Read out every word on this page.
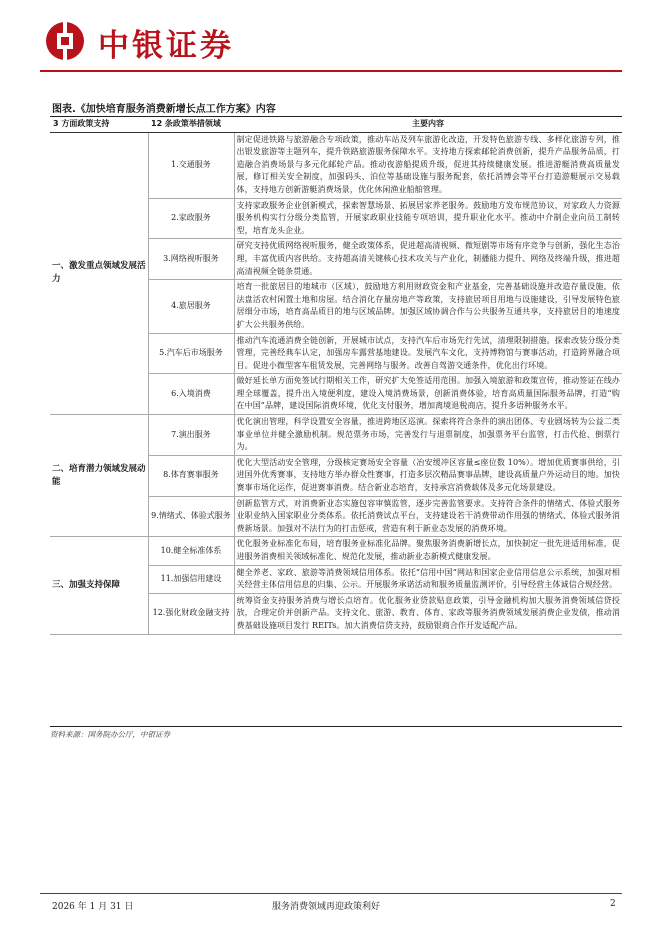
中银证券
图表.《加快培育服务消费新增长点工作方案》内容
3 方面政策支持	12 条政策举措领域	主要内容
一、激发重点领域发展活力	1.交通服务	制定促进铁路与旅游融合专项政策，推动车站及列车旅游化改造，开发特色旅游专线、多样化旅游专列，推出银发旅游等主题列车，提升铁路旅游服务保障水平。支持地方探索邮轮消费创新，提升产品服务品质，打造融合消费场景与多元化邮轮产品。推动夜游船提质升级，促进其持续健康发展。推进游艇消费高质量发展，修订相关安全制度，加强码头、泊位等基础设施与服务配套，依托消博会等平台打造游艇展示交易载体，支持地方创新游艇消费场景，优化休闲渔业船舶管理。
	2.家政服务	支持家政服务企业创新模式，探索智慧场景、拓展居家养老服务。鼓励地方发布规范协议，对家政人力资源服务机构实行分级分类监管，开展家政职业技能专项培训，提升职业化水平。推动中介制企业向员工制转型，培育龙头企业。
	3.网络视听服务	研究支持优质网络视听服务，健全政策体系，促进超高清视频、微短剧等市场有序竞争与创新，强化生态治理，丰富优质内容供给。支持超高清关键核心技术攻关与产业化，制播能力提升、网络及终端升级，推进超高清视频全链条贯通。
	4.旅居服务	培育一批旅居目的地城市（区域），鼓励地方利用财政资金和产业基金，完善基础设施并改造存量设施，依法盘活农村闲置土地和房屋。结合消化存量房地产等政策，支持旅居项目用地与设施建设，引导发展特色旅居细分市场，培育高品质目的地与区域品牌。加强区域协调合作与公共服务互通共享，支持旅居目的地速度扩大公共服务供给。
	5.汽车后市场服务	推动汽车流通消费全链创新，开展城市试点，支持汽车后市场先行先试，清理限制措施。探索改装分级分类管理，完善经典车认定，加强房车露营基地建设。发展汽车文化，支持博物馆与赛事活动，打造跨界融合项目。促进小微型客车租赁发展，完善网络与服务。改善自驾游交通条件，优化出行环境。
	6.入境消费	做好延长单方面免签试行期相关工作，研究扩大免签适用范围。加强入境旅游和政策宣传，推动签证在线办理全球覆盖，提升出入境便利度，建设入境消费场景，创新消费体验，培育高质量国际服务品牌，打造“购在中国”品牌，建设国际消费环境，优化支付服务，增加离境退税商店，提升多语种服务水平。
二、培育潜力领域发展动能	7.演出服务	优化演出管理，科学设置安全容量，推进跨地区巡演。探索将符合条件的演出团体、专业剧场转为公益二类事业单位并健全激励机制。规范票务市场，完善发行与退票制度，加强票务平台监管，打击代抢、倒票行为。
	8.体育赛事服务	优化大型活动安全管理，分级核定赛场安全容量（冶安缓冲区容量≤座位数 10%）。增加优质赛事供给，引进国外优秀赛事，支持地方举办群众性赛事，打造多层次精品赛事品牌，建设高质量户外运动目的地。加快赛事市场化运作，促进赛事消费。结合新业态培育，支持承宫消费载体及多元化场景建设。
	9.情绪式、体验式服务	创新监管方式，对消费新业态实施包容审慎监管，逐步完善监管要求。支持符合条件的情绪式、体验式服务业职业纳入国家职业分类体系。依托消费试点平台，支持建设若干消费带动作用强的情绪式、体验式服务消费新场景。加强对不法行为的打击惩戒，营造有利于新业态发展的消费环境。
三、加强支持保障	10.健全标准体系	优化服务业标准化布局，培育服务业标准化品牌。聚焦服务消费新增长点，加快制定一批先进适用标准，促进服务消费相关领域标准化、规范化发展，推动新业态新模式健康发展。
	11.加强信用建设	健全养老、家政、旅游等消费领域信用体系。依托“信用中国”网站和国家企业信用信息公示系统，加强对相关经营主体信用信息的归集、公示。开展服务承诺活动和服务质量监测评价，引导经营主体诚信合规经营。
	12.强化财政金融支持	统筹资金支持服务消费与增长点培育。优化服务业贷款贴息政策，引导金融机构加大服务消费领域信贷投放，合理定价并创新产品。支持文化、旅游、教育、体育、家政等服务消费领域发展消费企业发债，推动消费基础设施项目发行 REITs。加大消费信贷支持，鼓励银商合作开发适配产品。
资料来源：国务院办公厅，中银证券
2026 年 1 月 31 日	服务消费领域再迎政策利好	2
